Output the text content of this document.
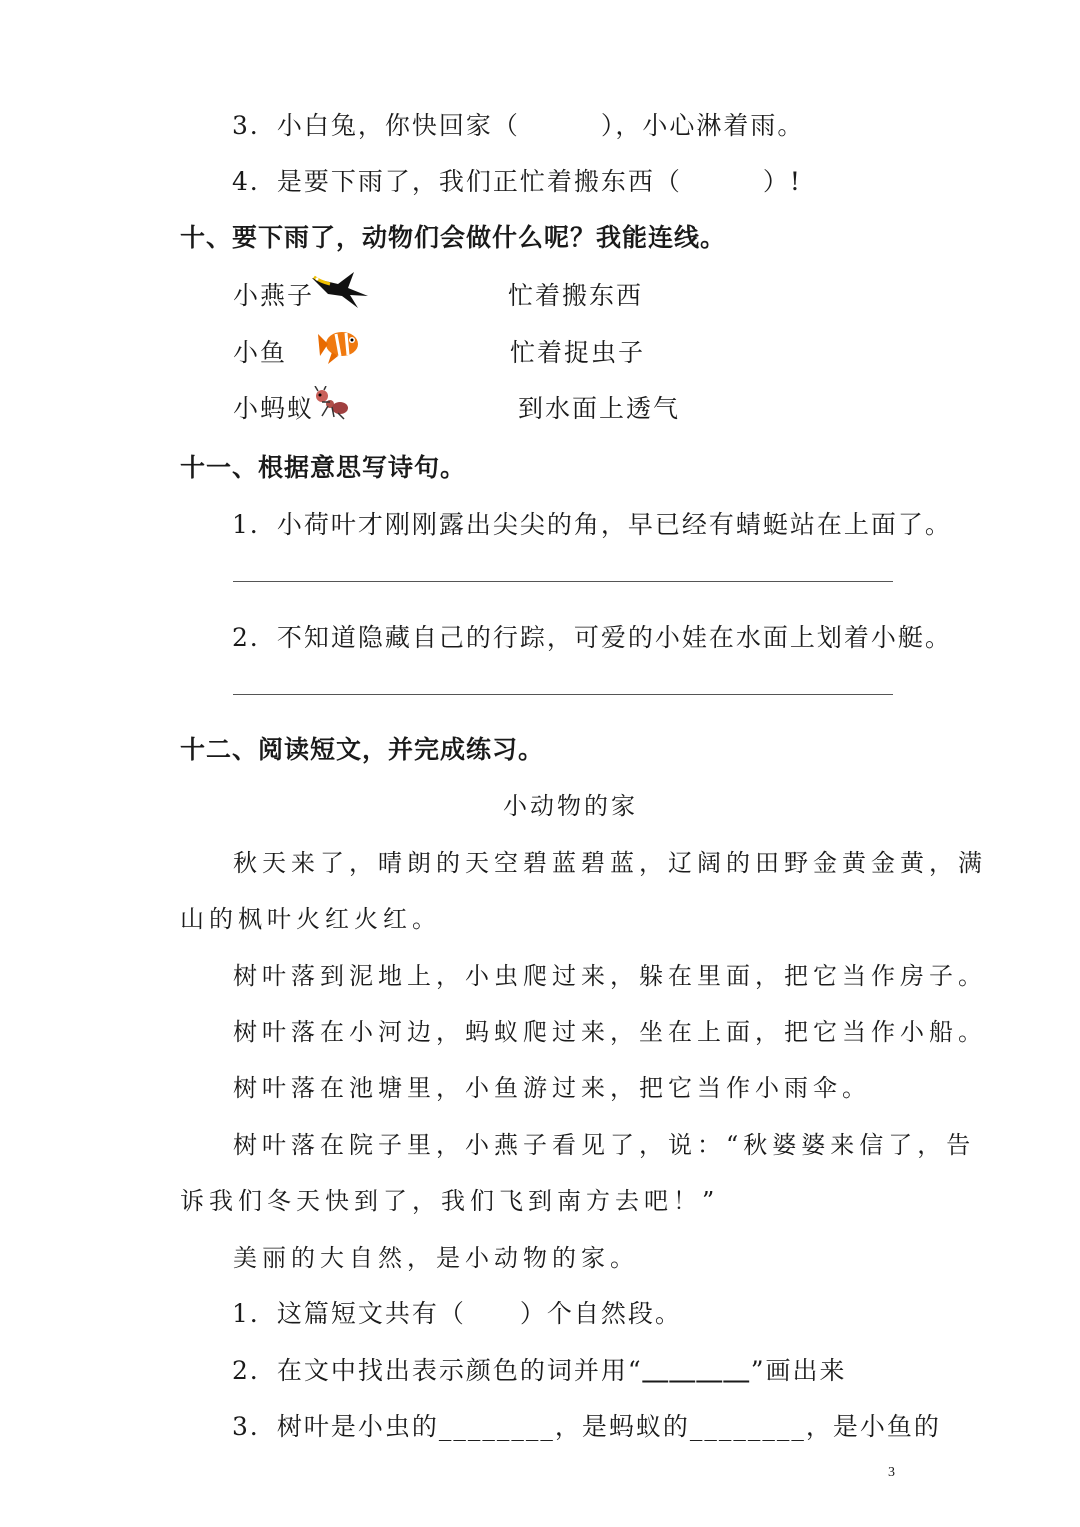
3．小白兔，你快回家（　　　），小心淋着雨。
4．是要下雨了，我们正忙着搬东西（　　　）!
十、要下雨了，动物们会做什么呢？我能连线。
小燕子	忙着搬东西
小鱼	忙着捉虫子
小蚂蚁	到水面上透气
十一、根据意思写诗句。
1．小荷叶才刚刚露出尖尖的角，早已经有蜻蜓站在上面了。
2．不知道隐藏自己的行踪，可爱的小娃在水面上划着小艇。
十二、阅读短文，并完成练习。
小动物的家
秋天来了，晴朗的天空碧蓝碧蓝，辽阔的田野金黄金黄，满
山的枫叶火红火红。
树叶落到泥地上，小虫爬过来，躲在里面，把它当作房子。
树叶落在小河边，蚂蚁爬过来，坐在上面，把它当作小船。
树叶落在池塘里，小鱼游过来，把它当作小雨伞。
树叶落在院子里，小燕子看见了，说：“秋婆婆来信了，告
诉我们冬天快到了，我们飞到南方去吧！”
美丽的大自然，是小动物的家。
1．这篇短文共有（　　）个自然段。
2．在文中找出表示颜色的词并用“＿＿＿＿”画出来
3．树叶是小虫的________，是蚂蚁的________，是小鱼的
3
